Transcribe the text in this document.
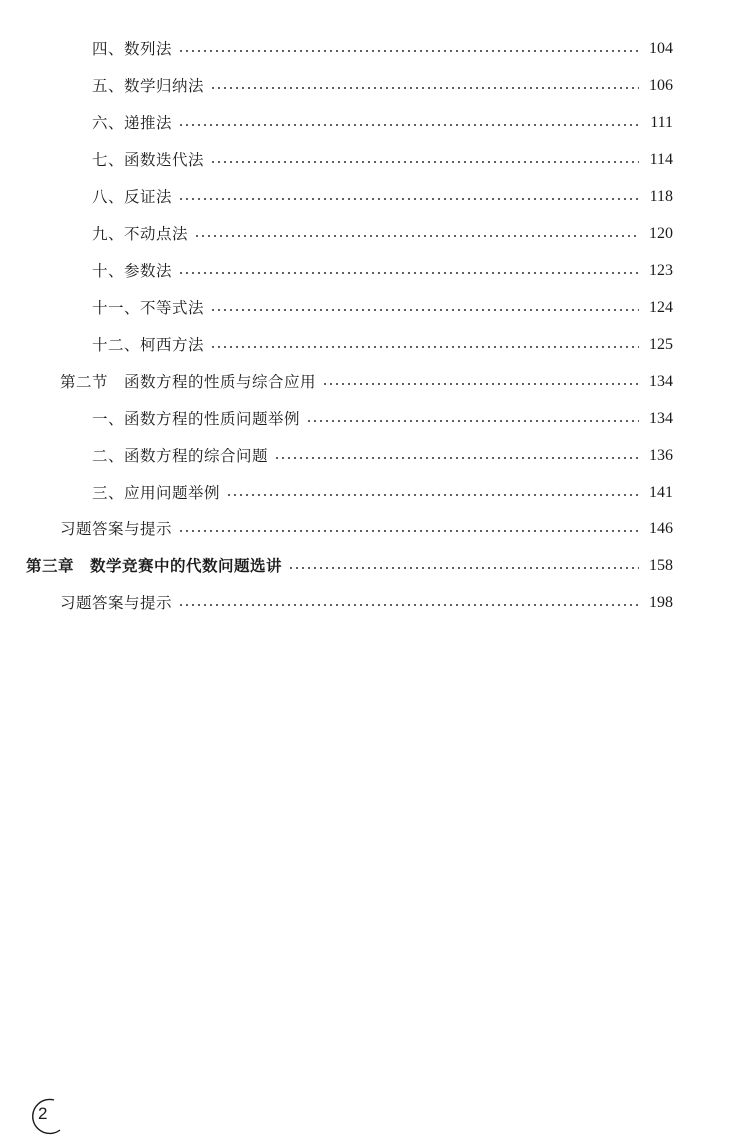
四、数列法	104
五、数学归纳法	106
六、递推法	111
七、函数迭代法	114
八、反证法	118
九、不动点法	120
十、参数法	123
十一、不等式法	124
十二、柯西方法	125
第二节 函数方程的性质与综合应用	134
一、函数方程的性质问题举例	134
二、函数方程的综合问题	136
三、应用问题举例	141
习题答案与提示	146
第三章 数学竞赛中的代数问题选讲	158
习题答案与提示	198
2
